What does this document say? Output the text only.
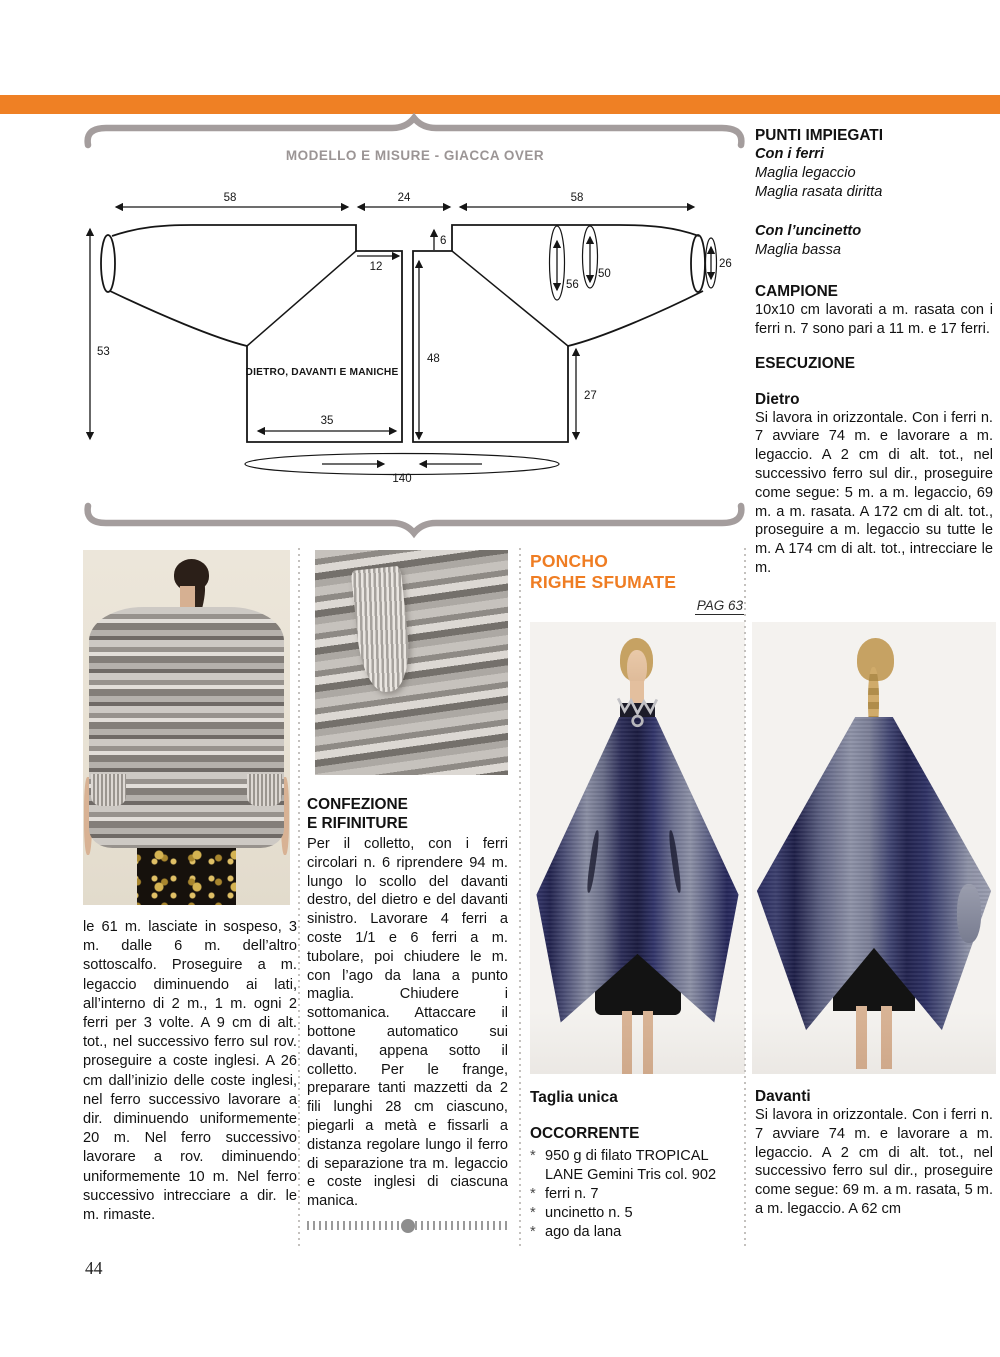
MODELLO E MISURE - GIACCA OVER
58	24	58
53
6
12
56
50
26
48
27
35
140
DIETRO, DAVANTI E MANICHE
PUNTI IMPIEGATI
Con i ferri
Maglia legaccio
Maglia rasata diritta
Con l’uncinetto
Maglia bassa
CAMPIONE

10x10 cm lavorati a m. rasata con i ferri n. 7 sono pari a 11 m. e 17 ferri.

ESECUZIONE
Dietro

Si lavora in orizzontale. Con i ferri n. 7 avviare 74 m. e lavorare a m. legaccio. A 2 cm di alt. tot., nel successivo ferro sul dir., proseguire come segue: 5 m. a m. legaccio, 69 m. a m. rasata. A 172 cm di alt. tot., proseguire a m. legaccio su tutte le m. A 174 cm di alt. tot., intrecciare le m.

PONCHO
RIGHE SFUMATE
PAG 63
le 61 m. lasciate in sospeso, 3 m. dalle 6 m. dell’altro sottoscalfo. Proseguire a m. legaccio diminuendo ai lati, all’interno di 2 m., 1 m. ogni 2 ferri per 3 volte. A 9 cm di alt. tot., nel successivo ferro sul rov. proseguire a coste inglesi. A 26 cm dall’inizio delle coste inglesi, nel ferro successivo lavorare a dir. diminuendo uniformemente 20 m. Nel ferro successivo lavorare a rov. diminuendo uniformemente 10 m. Nel ferro successivo intrecciare a dir. le m. rimaste.
CONFEZIONE
E RIFINITURE

Per il colletto, con i ferri circolari n. 6 riprendere 94 m. lungo lo scollo del davanti destro, del dietro e del davanti sinistro. Lavorare 4 ferri a coste 1/1 e 6 ferri a m. tubolare, poi chiudere le m. con l’ago da lana a punto maglia. Chiudere i sottomanica. Attaccare il bottone automatico sui davanti, appena sotto il colletto. Per le frange, preparare tanti mazzetti da 2 fili lunghi 28 cm ciascuno, piegarli a metà e fissarli a distanza regolare lungo il ferro di separazione tra m. legaccio e coste inglesi di ciascuna manica.

Taglia unica
OCCORRENTE
* 950 g di filato TROPICAL LANE Gemini Tris col. 902
* ferri n. 7
* uncinetto n. 5
* ago da lana
Davanti

Si lavora in orizzontale. Con i ferri n. 7 avviare 74 m. e lavorare a m. legaccio. A 2 cm di alt. tot., nel successivo ferro sul dir., proseguire come segue: 69 m. a m. rasata, 5 m. a m. legaccio. A 62 cm

44
